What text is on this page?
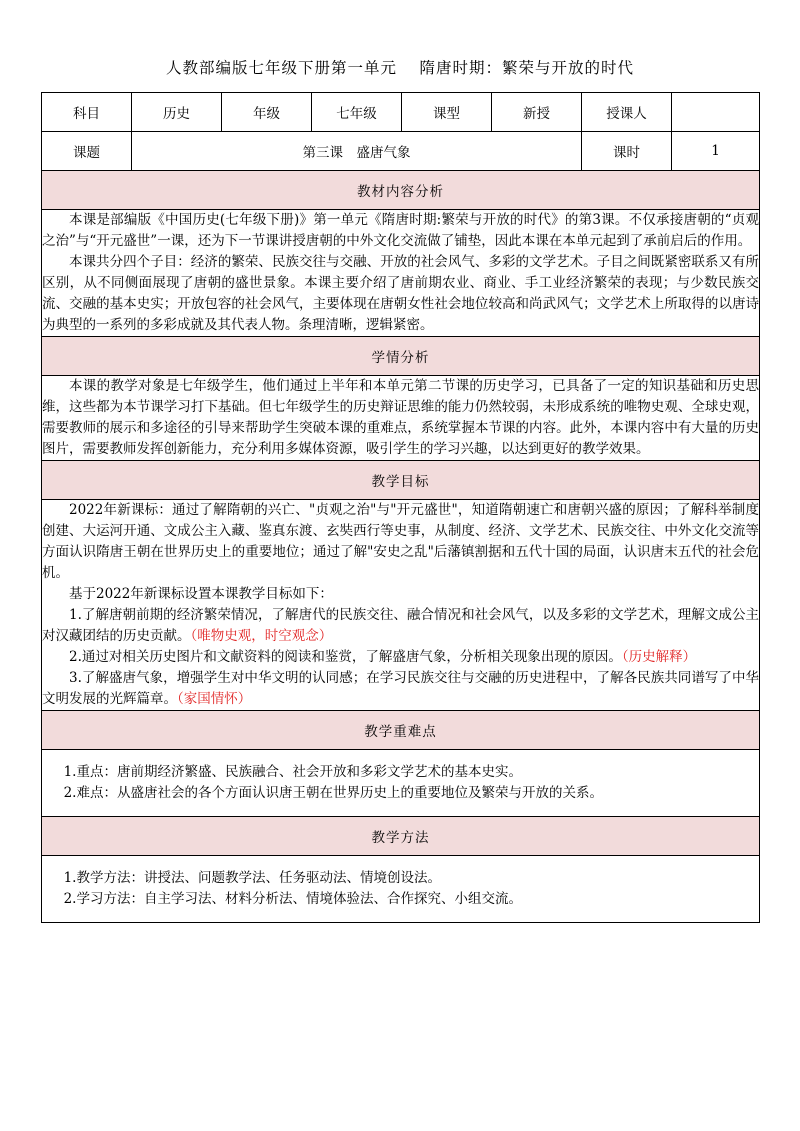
人教部编版七年级下册第一单元　 隋唐时期：繁荣与开放的时代
科目	历史	年级	七年级	课型	新授	授课人	
课题	第三课　盛唐气象					课时	1
教材内容分析							

本课是部编版《中国历史(七年级下册)》第一单元《隋唐时期:繁荣与开放的时代》的第3课。不仅承接唐朝的“贞观之治”与“开元盛世”一课，还为下一节课讲授唐朝的中外文化交流做了铺垫，因此本课在本单元起到了承前启后的作用。

本课共分四个子目：经济的繁荣、民族交往与交融、开放的社会风气、多彩的文学艺术。子目之间既紧密联系又有所区别，从不同侧面展现了唐朝的盛世景象。本课主要介绍了唐前期农业、商业、手工业经济繁荣的表现；与少数民族交流、交融的基本史实；开放包容的社会风气，主要体现在唐朝女性社会地位较高和尚武风气；文学艺术上所取得的以唐诗为典型的一系列的多彩成就及其代表人物。条理清晰，逻辑紧密。							

学情分析							

本课的教学对象是七年级学生，他们通过上半年和本单元第二节课的历史学习，已具备了一定的知识基础和历史思维，这些都为本节课学习打下基础。但七年级学生的历史辩证思维的能力仍然较弱，未形成系统的唯物史观、全球史观，需要教师的展示和多途径的引导来帮助学生突破本课的重难点，系统掌握本节课的内容。此外，本课内容中有大量的历史图片，需要教师发挥创新能力，充分利用多媒体资源，吸引学生的学习兴趣，以达到更好的教学效果。							

教学目标							

2022年新课标：通过了解隋朝的兴亡、"贞观之治"与"开元盛世"，知道隋朝速亡和唐朝兴盛的原因；了解科举制度创建、大运河开通、文成公主入藏、鉴真东渡、玄奘西行等史事，从制度、经济、文学艺术、民族交往、中外文化交流等方面认识隋唐王朝在世界历史上的重要地位；通过了解"安史之乱"后藩镇割据和五代十国的局面，认识唐末五代的社会危机。

基于2022年新课标设置本课教学目标如下：

1.了解唐朝前期的经济繁荣情况，了解唐代的民族交往、融合情况和社会风气，以及多彩的文学艺术，理解文成公主对汉藏团结的历史贡献。（唯物史观，时空观念）

2.通过对相关历史图片和文献资料的阅读和鉴赏，了解盛唐气象，分析相关现象出现的原因。（历史解释）

3.了解盛唐气象，增强学生对中华文明的认同感；在学习民族交往与交融的历史进程中，了解各民族共同谱写了中华文明发展的光辉篇章。（家国情怀）							

教学重难点							

1.重点：唐前期经济繁盛、民族融合、社会开放和多彩文学艺术的基本史实。

2.难点：从盛唐社会的各个方面认识唐王朝在世界历史上的重要地位及繁荣与开放的关系。							

教学方法							

1.教学方法：讲授法、问题教学法、任务驱动法、情境创设法。

2.学习方法：自主学习法、材料分析法、情境体验法、合作探究、小组交流。							
